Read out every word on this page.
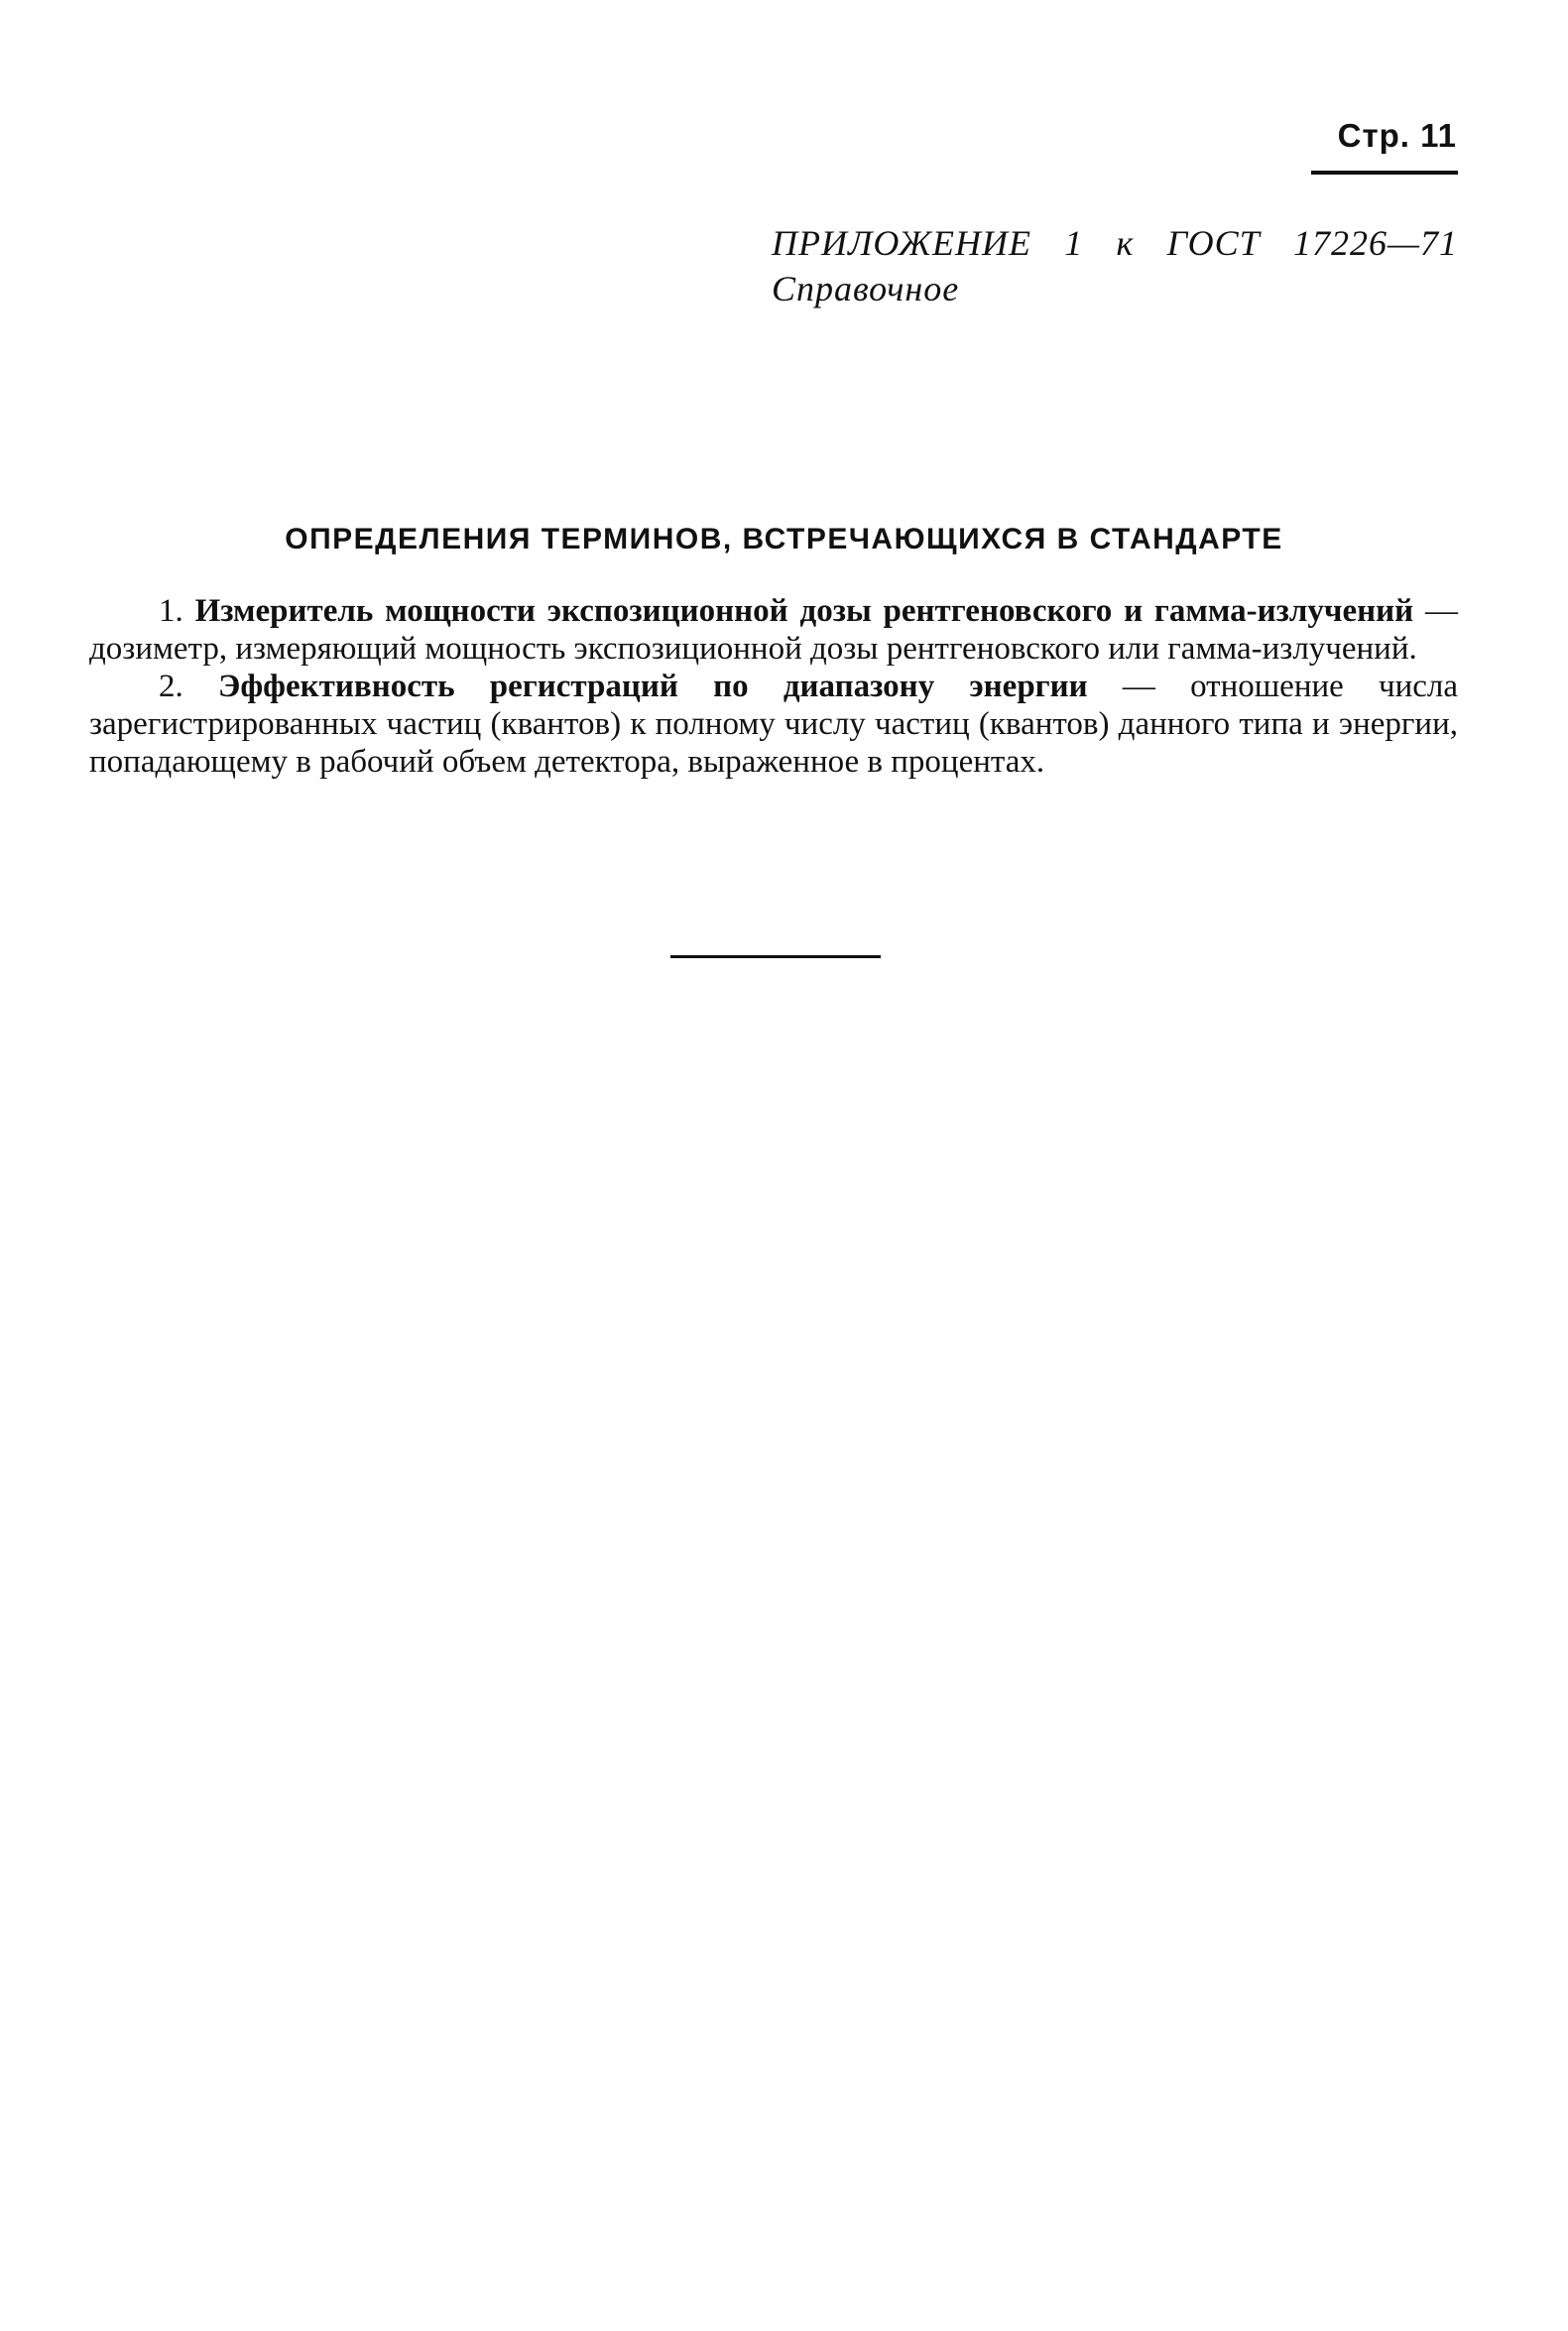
Стр. 11
ПРИЛОЖЕНИЕ 1 к ГОСТ 17226—71
Справочное
ОПРЕДЕЛЕНИЯ ТЕРМИНОВ, ВСТРЕЧАЮЩИХСЯ В СТАНДАРТЕ

1. Измеритель мощности экспозиционной дозы рентгеновского и гамма-излучений — дозиметр, измеряющий мощность экспозиционной дозы рентгеновского или гамма-излучений.

2. Эффективность регистраций по диапазону энергии — отношение числа зарегистрированных частиц (квантов) к полному числу частиц (квантов) данного типа и энергии, попадающему в рабочий объем детектора, выраженное в процентах.
